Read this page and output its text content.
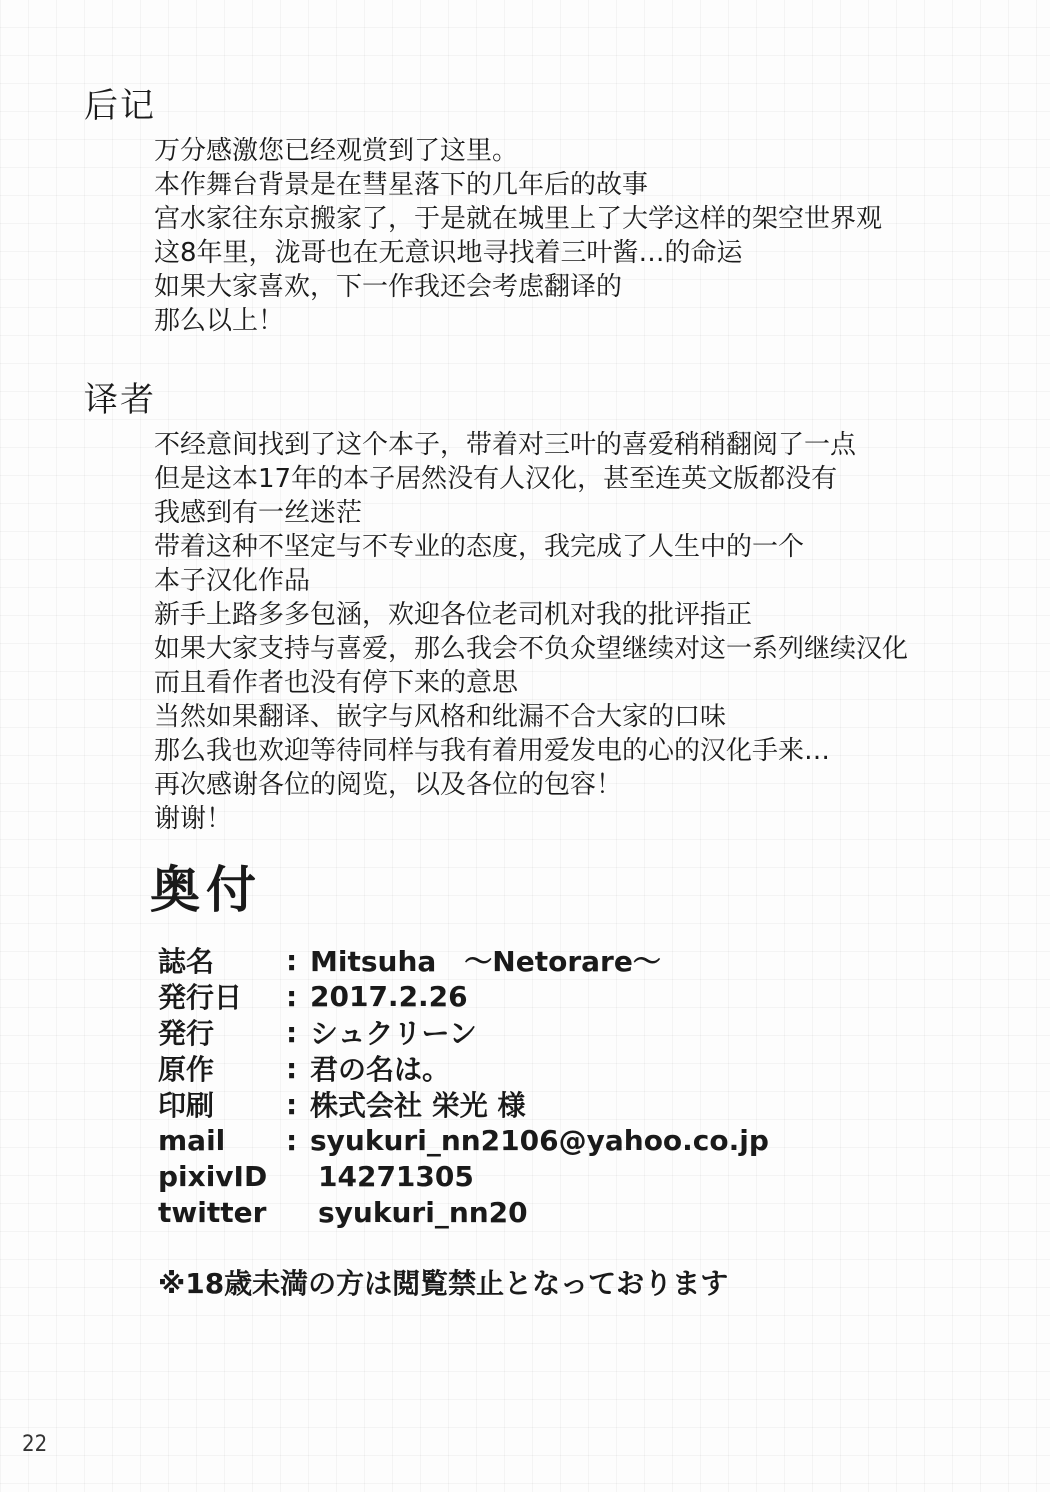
后记
万分感激您已经观赏到了这里。
本作舞台背景是在彗星落下的几年后的故事
宫水家往东京搬家了，于是就在城里上了大学这样的架空世界观
这8年里，泷哥也在无意识地寻找着三叶酱…的命运
如果大家喜欢，下一作我还会考虑翻译的
那么以上！
译者
不经意间找到了这个本子，带着对三叶的喜爱稍稍翻阅了一点
但是这本17年的本子居然没有人汉化，甚至连英文版都没有
我感到有一丝迷茫
带着这种不坚定与不专业的态度，我完成了人生中的一个
本子汉化作品
新手上路多多包涵，欢迎各位老司机对我的批评指正
如果大家支持与喜爱，那么我会不负众望继续对这一系列继续汉化
而且看作者也没有停下来的意思
当然如果翻译、嵌字与风格和纰漏不合大家的口味
那么我也欢迎等待同样与我有着用爱发电的心的汉化手来…
再次感谢各位的阅览，以及各位的包容！
谢谢！
奥付
誌名	: Mitsuha　～Netorare～
発行日	: 2017.2.26
発行	: シュクリーン
原作	: 君の名は。
印刷	: 株式会社 栄光 様
mail	: syukuri_nn2106@yahoo.co.jp
pixivID	14271305
twitter	syukuri_nn20
※18歳未満の方は閲覧禁止となっております
22
